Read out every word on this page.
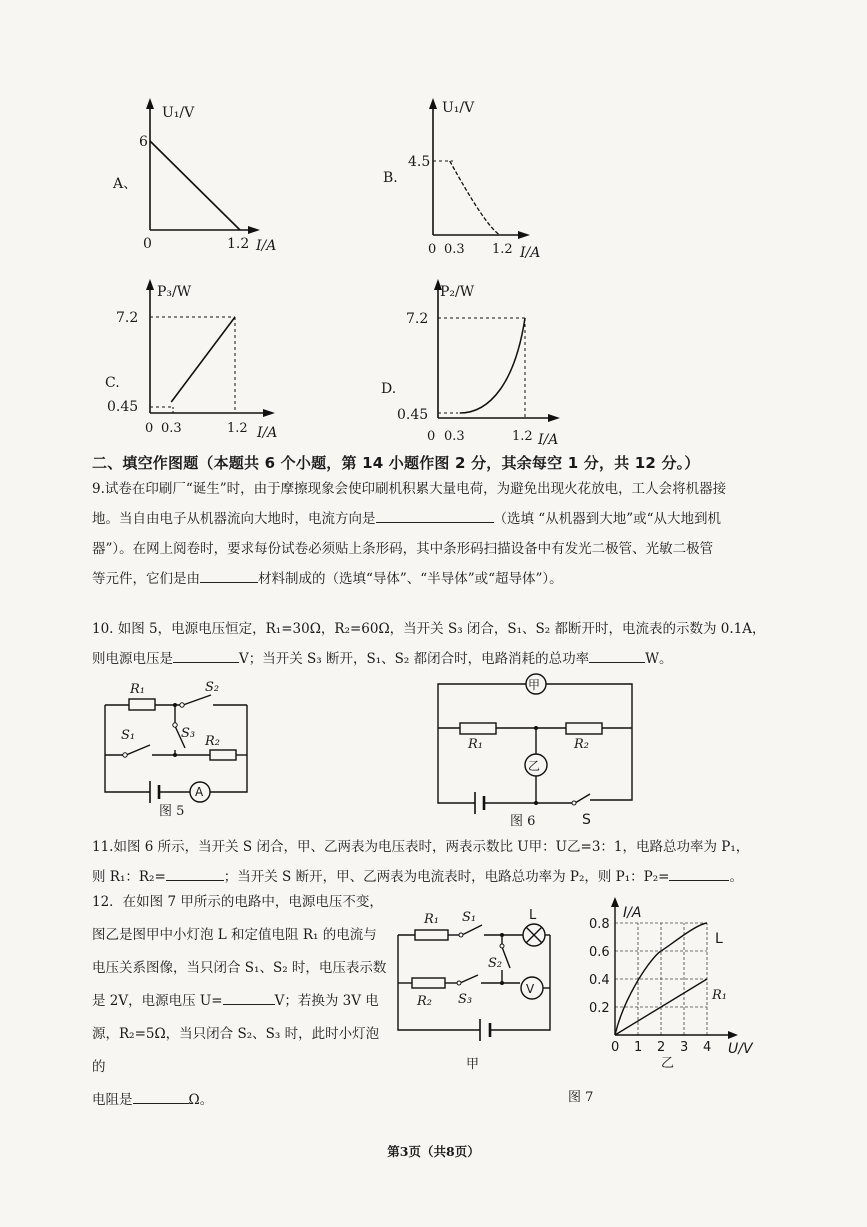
A、
U₁/V
6
0	1.2 I/A
B.
U₁/V
4.5
0 0.3 1.2 I/A
C.
P₃/W
7.2
0.45
0 0.3	1.2 I/A
D.
P₂/W
7.2
0.45
0 0.3	1.2 I/A
二、填空作图题（本题共 6 个小题，第 14 小题作图 2 分，其余每空 1 分，共 12 分。）
9.试卷在印刷厂“诞生”时，由于摩擦现象会使印刷机积累大量电荷，为避免出现火花放电，工人会将机器接
地。当自由电子从机器流向大地时，电流方向是	（选填 “从机器到大地”或“从大地到机
器”）。在网上阅卷时，要求每份试卷必须贴上条形码，其中条形码扫描设备中有发光二极管、光敏二极管
等元件，它们是由	材料制成的（选填“导体”、“半导体”或“超导体”）。
10. 如图 5，电源电压恒定，R₁=30Ω，R₂=60Ω，当开关 S₃ 闭合，S₁、S₂ 都断开时，电流表的示数为 0.1A，
则电源电压是	V；当开关 S₃ 断开，S₁、S₂ 都闭合时，电路消耗的总功率	W。
R₁	S₂
S₁	S₃
R₂
A
图 5
甲
乙
R₁	R₂
S
图 6
11.如图 6 所示，当开关 S 闭合，甲、乙两表为电压表时，两表示数比 U甲：U乙=3：1，电路总功率为 P₁，
则 R₁：R₂=	；当开关 S 断开，甲、乙两表为电流表时，电路总功率为 P₂，则 P₁：P₂=	。
12．在如图 7 甲所示的电路中，电源电压不变，
图乙是图甲中小灯泡 L 和定值电阻 R₁ 的电流与
电压关系图像，当只闭合 S₁、S₂ 时，电压表示数
是 2V，电源电压 U=	V；若换为 3V 电
源，R₂=5Ω，当只闭合 S₂、S₃ 时，此时小灯泡的
电阻是	Ω。
R₁ S₁	L
S₂
V
R₂ S₃
甲
0.8
0.6
0.4
0.2
0 1 2 3 4
I/A
U/V
L
R₁
乙
图 7
第3页（共8页）
